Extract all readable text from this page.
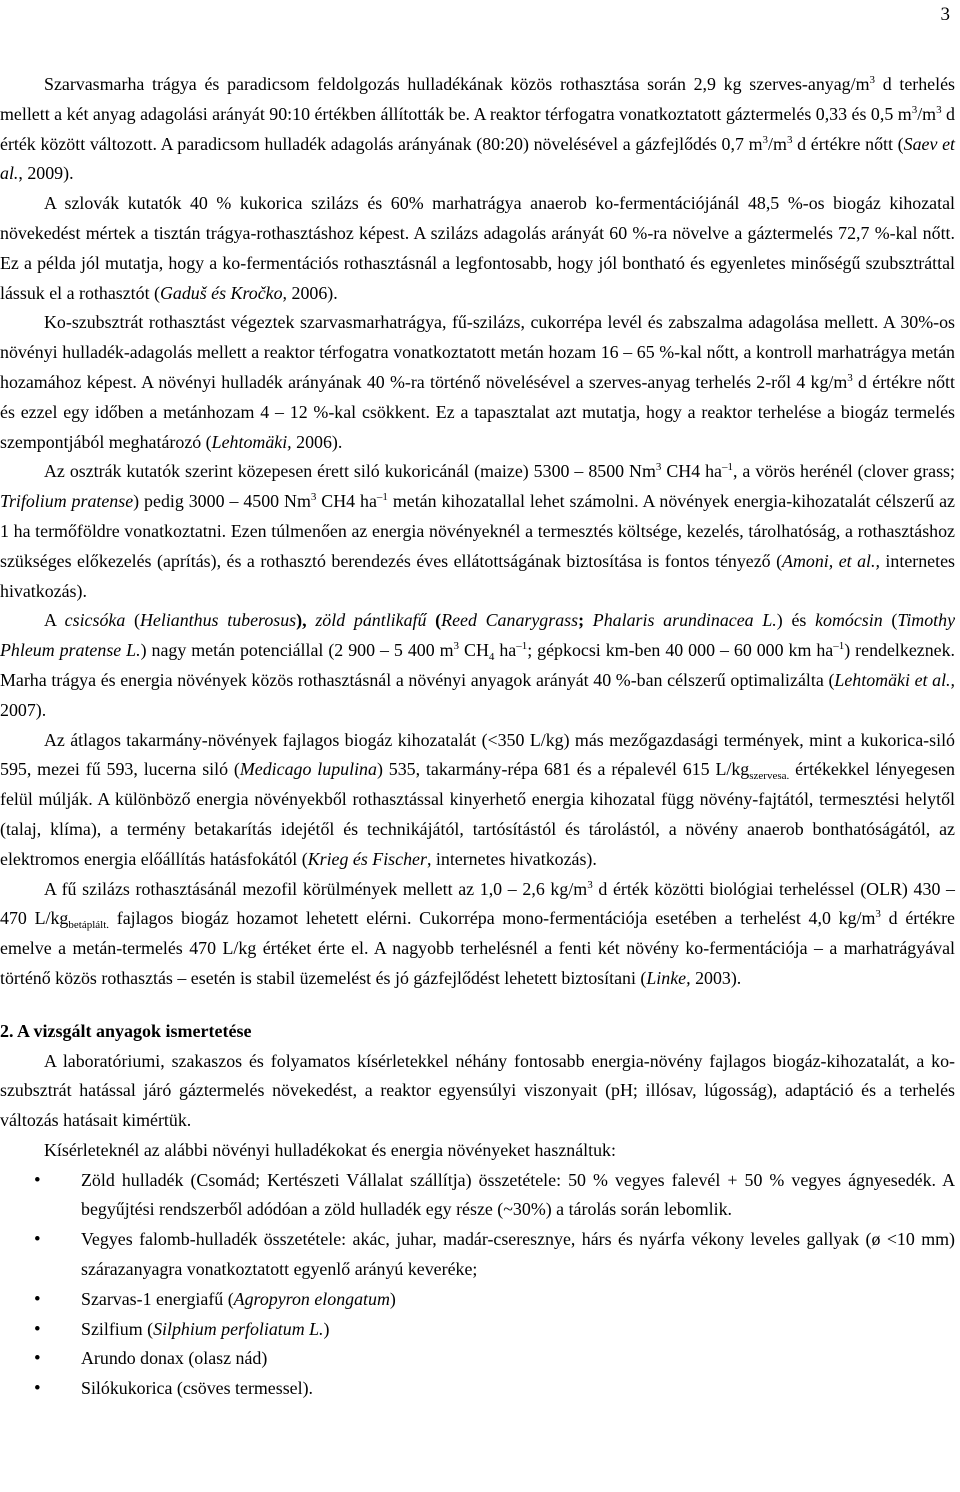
3

Szarvasmarha trágya és paradicsom feldolgozás hulladékának közös rothasztása során 2,9 kg szerves-$anyag/m^3$ d terhelés mellett a két anyag adagolási arányát 90:10 értékben állították be. A reaktor térfogatra vonatkoztatott gáztermelés 0,33 és 0,5 $m^3/m^3$ d érték között változott. A paradicsom hulladék adagolás arányának (80:20) növelésével a gázfejlődés 0,7 $m^3/m^3$ d értékre nőtt (Saev et al., 2009).

A szlovák kutatók 40 % kukorica szilázs és 60% marhatrágya anaerob ko-fermentációjánál 48,5 %-os biogáz kihozatal növekedést mértek a tisztán trágya-rothasztáshoz képest. A szilázs adagolás arányát 60 %-ra növelve a gáztermelés 72,7 %-kal nőtt. Ez a példa jól mutatja, hogy a ko-fermentációs rothasztásnál a legfontosabb, hogy jól bontható és egyenletes minőségű szubsztráttal lássuk el a rothasztót (Gaduš és Kročko, 2006).

Ko-szubsztrát rothasztást végeztek szarvasmarhatrágya, fű-szilázs, cukorrépa levél és zabszalma adagolása mellett. A 30%-os növényi hulladék-adagolás mellett a reaktor térfogatra vonatkoztatott metán hozam 16 – 65 %-kal nőtt, a kontroll marhatrágya metán hozamához képest. A növényi hulladék arányának 40 %-ra történő növelésével a szerves-anyag terhelés 2-ről 4 $kg/m^3$ d értékre nőtt és ezzel egy időben a metánhozam 4 – 12 %-kal csökkent. Ez a tapasztalat azt mutatja, hogy a reaktor terhelése a biogáz termelés szempontjából meghatározó (Lehtomäki, 2006).

Az osztrák kutatók szerint közepesen érett siló kukoricánál (maize) 5300 – 8500 Nm$^3$ CH4 $ha^{-1}$, a vörös herénél (clover grass; Trifolium pratense) pedig 3000 – 4500 Nm$^3$ CH4 $ha^{-1}$ metán kihozatallal lehet számolni. A növények energia-kihozatalát célszerű az 1 ha termőföldre vonatkoztatni. Ezen túlmenően az energia növényeknél a termesztés költsége, kezelés, tárolhatóság, a rothasztáshoz szükséges előkezelés (aprítás), és a rothasztó berendezés éves ellátottságának biztosítása is fontos tényező (Amoni, et al., internetes hivatkozás).

A csicsóka (Helianthus tuberosus), zöld pántlikafű (Reed Canarygrass; Phalaris arundinacea L.) és komócsin (Timothy Phleum pratense L.) nagy metán potenciállal (2 900 – 5 400 $m^3$ $CH_4$ $ha^{-1}$; gépkocsi km-ben 40 000 – 60 000 km $ha^{-1}$) rendelkeznek. Marha trágya és energia növények közös rothasztásnál a növényi anyagok arányát 40 %-ban célszerű optimalizálta (Lehtomäki et al., 2007).

Az átlagos takarmány-növények fajlagos biogáz kihozatalát (<350 L/kg) más mezőgazdasági termények, mint a kukorica-siló 595, mezei fű 593, lucerna siló (Medicago lupulina) 535, takarmány-répa 681 és a répalevél 615 $L/kg_{szervesa.}$ értékekkel lényegesen felül múlják. A különböző energia növényekből rothasztással kinyerhető energia kihozatal függ növény-fajtától, termesztési helytől (talaj, klíma), a termény betakarítás idejétől és technikájától, tartósítástól és tárolástól, a növény anaerob bonthatóságától, az elektromos energia előállítás hatásfokától (Krieg és Fischer, internetes hivatkozás).

A fű szilázs rothasztásánál mezofil körülmények mellett az 1,0 – 2,6 $kg/m^3$ d érték közötti biológiai terheléssel (OLR) 430 – 470 $L/kg_{betáplált.}$ fajlagos biogáz hozamot lehetett elérni. Cukorrépa mono-fermentációja esetében a terhelést 4,0 $kg/m^3$ d értékre emelve a metán-termelés 470 L/kg értéket érte el. A nagyobb terhelésnél a fenti két növény ko-fermentációja – a marhatrágyával történő közös rothasztás – esetén is stabil üzemelést és jó gázfejlődést lehetett biztosítani (Linke, 2003).

2. A vizsgált anyagok ismertetése

A laboratóriumi, szakaszos és folyamatos kísérletekkel néhány fontosabb energia-növény fajlagos biogáz-kihozatalát, a ko-szubsztrát hatással járó gáztermelés növekedést, a reaktor egyensúlyi viszonyait (pH; illósav, lúgosság), adaptáció és a terhelés változás hatásait kimértük.

Kísérleteknél az alábbi növényi hulladékokat és energia növényeket használtuk:

• Zöld hulladék (Csomád; Kertészeti Vállalat szállítja) összetétele: 50 % vegyes falevél + 50 % vegyes ágnyesedék. A begyűjtési rendszerből adódóan a zöld hulladék egy része (~30%) a tárolás során lebomlik.
• Vegyes falomb-hulladék összetétele: akác, juhar, madár-cseresznye, hárs és nyárfa vékony leveles gallyak (ø <10 mm) szárazanyagra vonatkoztatott egyenlő arányú keveréke;
• Szarvas-1 energiafű (Agropyron elongatum)
• Szilfium (Silphium perfoliatum L.)
• Arundo donax (olasz nád)
• Silókukorica (csöves termessel).
